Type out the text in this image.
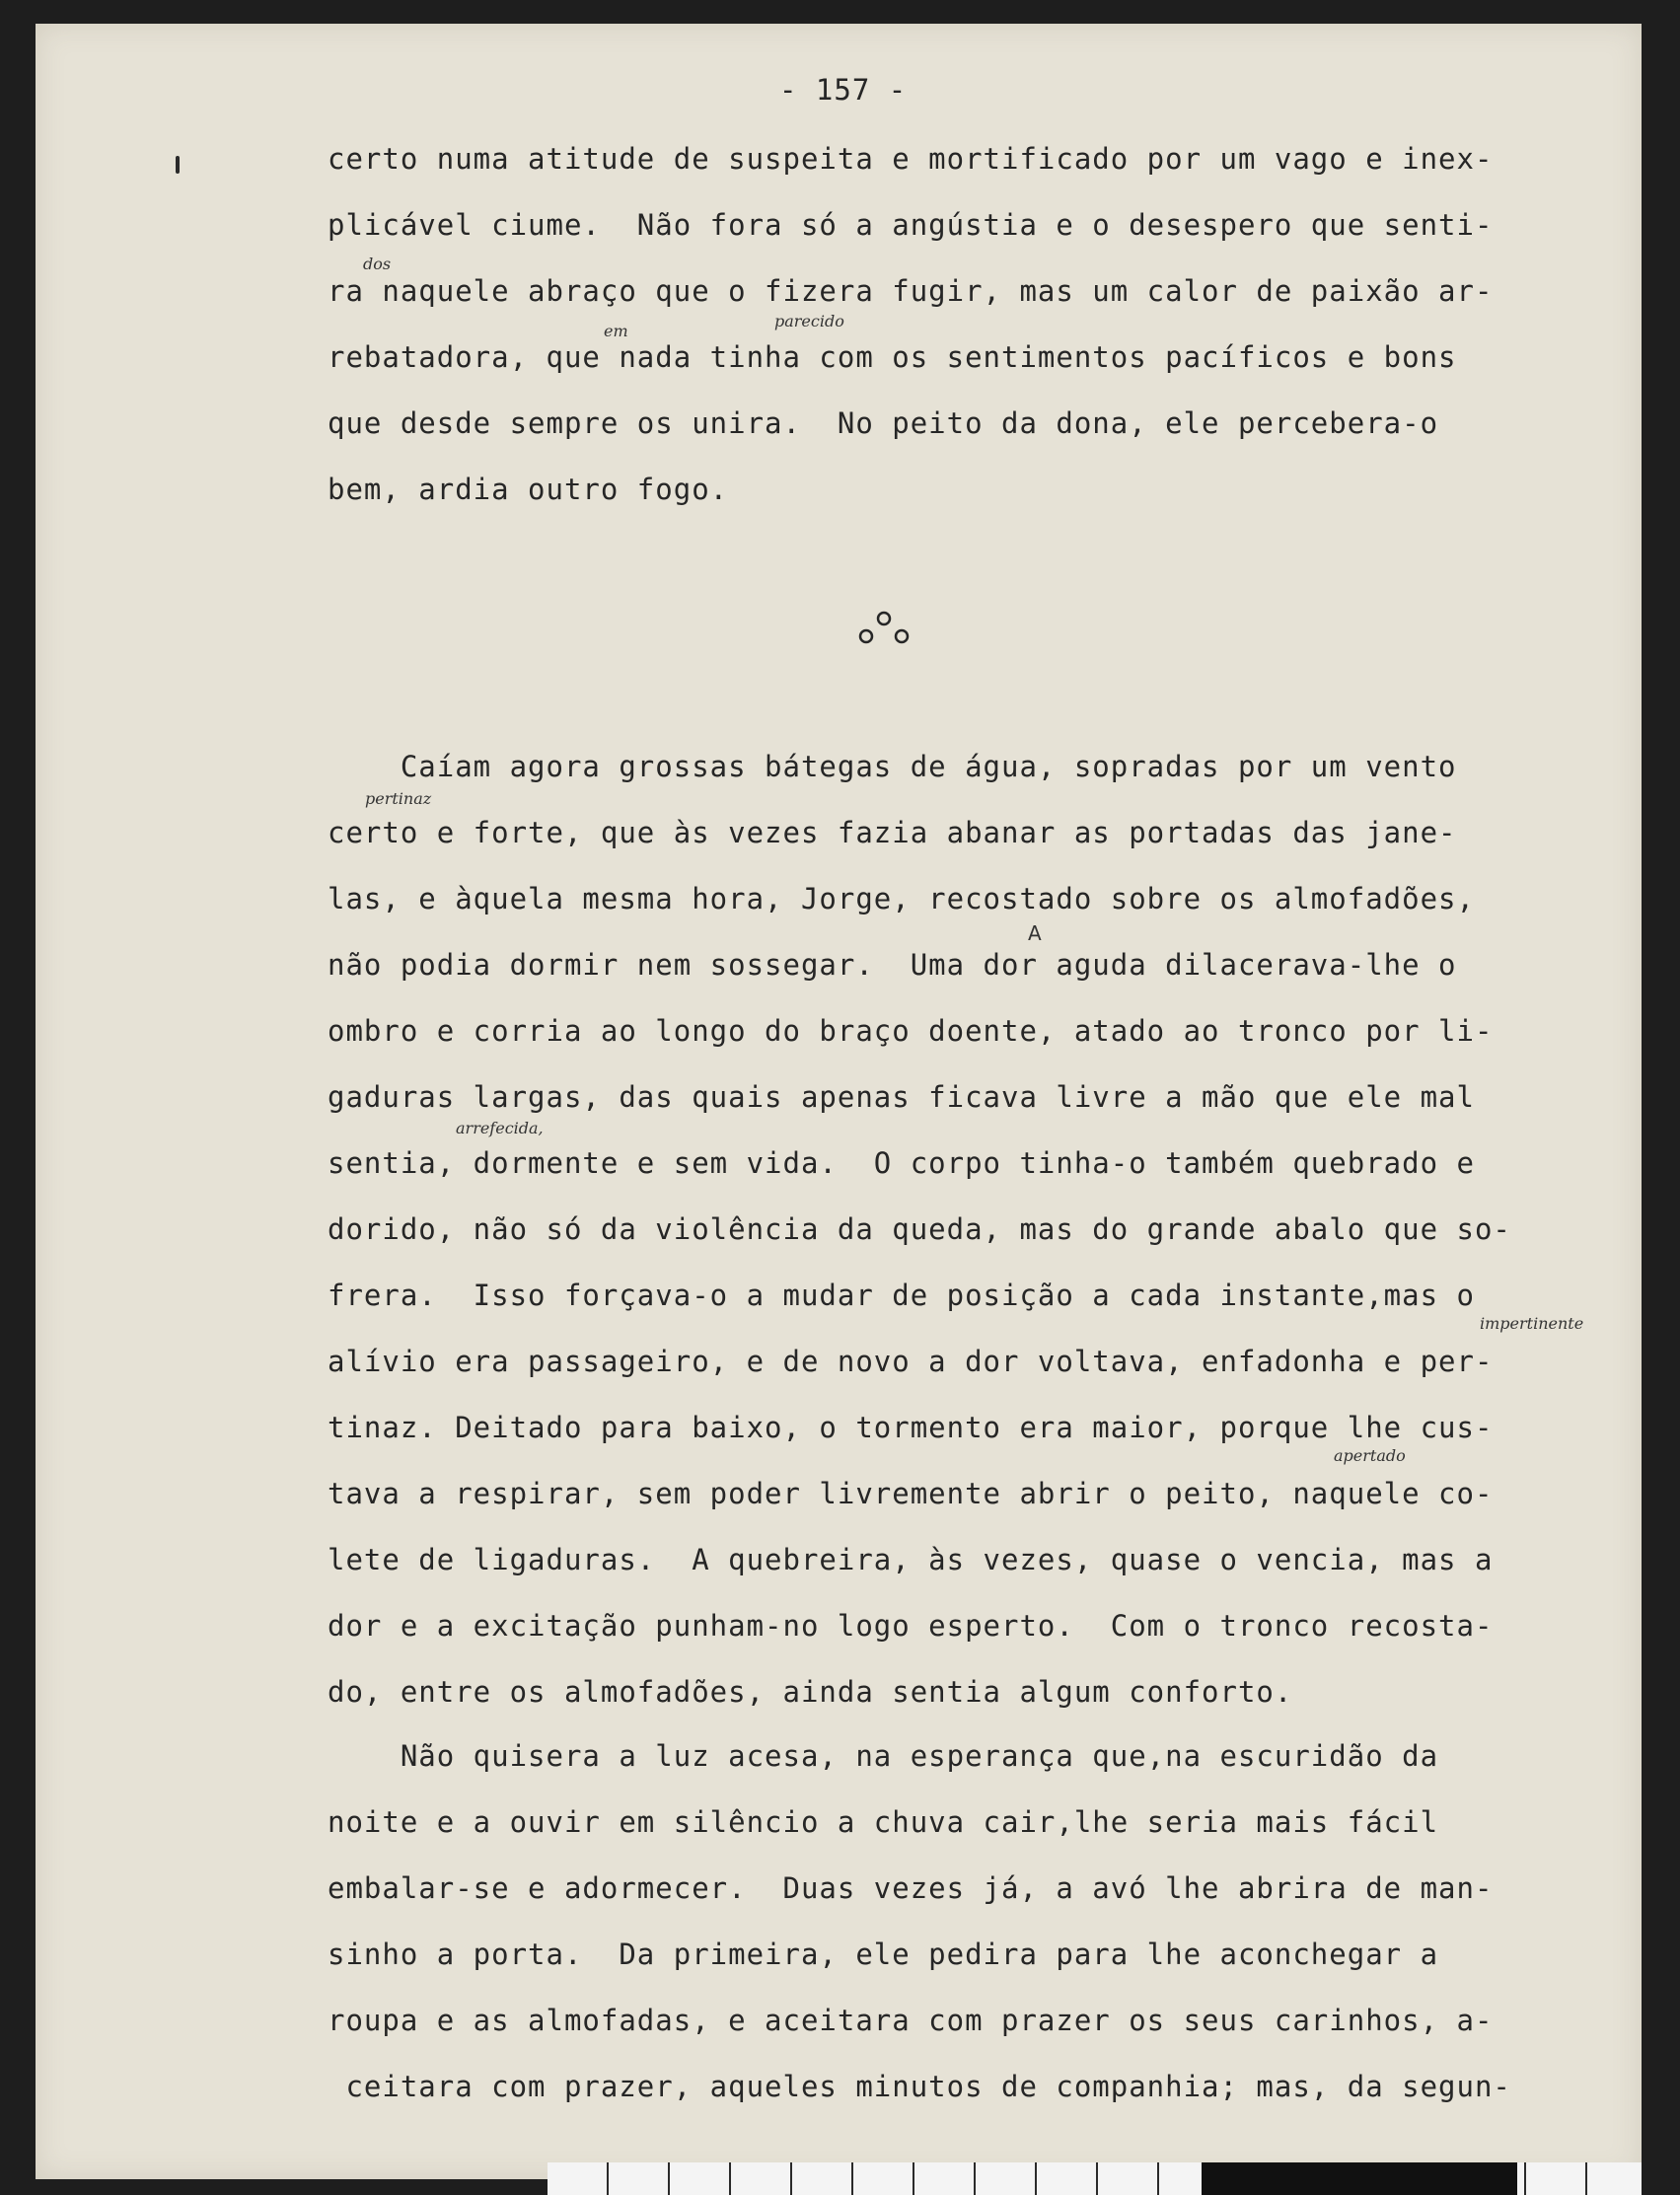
- 157 -

certo numa atitude de suspeita e mortificado por um vago e inex-
plicável ciume.  Não fora só a angústia e o desespero que senti-
ra naquele abraço que o fizera fugir, mas um calor de paixão ar-
rebatadora, que nada tinha com os sentimentos pacíficos e bons
que desde sempre os unira.  No peito da dona, ele percebera-o
bem, ardia outro fogo.
o°o
Caíam agora grossas bátegas de água, sopradas por um vento
certo e forte, que às vezes fazia abanar as portadas das jane-
las, e àquela mesma hora, Jorge, recostado sobre os almofadões,
não podia dormir nem sossegar.  Uma dor aguda dilacerava-lhe o
ombro e corria ao longo do braço doente, atado ao tronco por li-
gaduras largas, das quais apenas ficava livre a mão que ele mal
sentia, dormente e sem vida.  O corpo tinha-o também quebrado e
dorido, não só da violência da queda, mas do grande abalo que so-
frera.  Isso forçava-o a mudar de posição a cada instante,mas o
alívio era passageiro, e de novo a dor voltava, enfadonha e per-
tinaz. Deitado para baixo, o tormento era maior, porque lhe cus-
tava a respirar, sem poder livremente abrir o peito, naquele co-
lete de ligaduras.  A quebreira, às vezes, quase o vencia, mas a
dor e a excitação punham-no logo esperto.  Com o tronco recosta-
do, entre os almofadões, ainda sentia algum conforto.
Não quisera a luz acesa, na esperança que,na escuridão da
noite e a ouvir em silêncio a chuva cair,lhe seria mais fácil
embalar-se e adormecer.  Duas vezes já, a avó lhe abrira de man-
sinho a porta.  Da primeira, ele pedira para lhe aconchegar a
roupa e as almofadas, e aceitara com prazer os seus carinhos, a-
ceitara com prazer, aqueles minutos de companhia; mas, da segun-
dos
em
parecido
pertinaz
A
arrefecida,
impertinente
apertado
